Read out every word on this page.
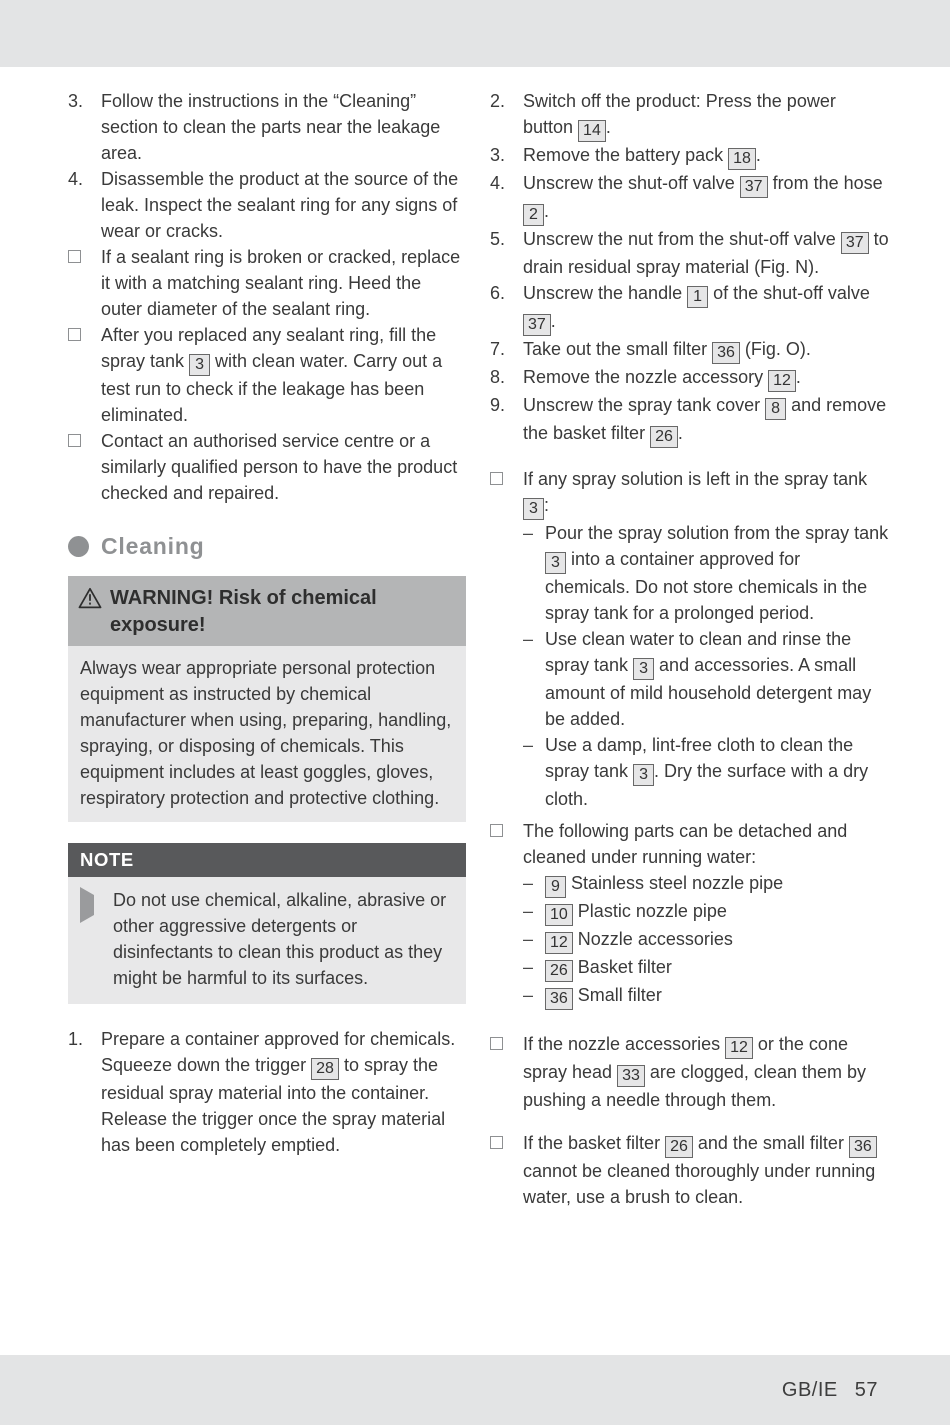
3. Follow the instructions in the “Cleaning” section to clean the parts near the leakage area.
4. Disassemble the product at the source of the leak. Inspect the sealant ring for any signs of wear or cracks.
If a sealant ring is broken or cracked, replace it with a matching sealant ring. Heed the outer diameter of the sealant ring.
After you replaced any sealant ring, fill the spray tank 3 with clean water. Carry out a test run to check if the leakage has been eliminated.
Contact an authorised service centre or a similarly qualified person to have the product checked and repaired.
Cleaning
WARNING! Risk of chemical exposure!
Always wear appropriate personal protection equipment as instructed by chemical manufacturer when using, preparing, handling, spraying, or disposing of chemicals. This equipment includes at least goggles, gloves, respiratory protection and protective clothing.
NOTE
Do not use chemical, alkaline, abrasive or other aggressive detergents or disinfectants to clean this product as they might be harmful to its surfaces.
1. Prepare a container approved for chemicals. Squeeze down the trigger 28 to spray the residual spray material into the container. Release the trigger once the spray material has been completely emptied.
2. Switch off the product: Press the power button 14 .
3. Remove the battery pack 18 .
4. Unscrew the shut-off valve 37 from the hose 2 .
5. Unscrew the nut from the shut-off valve 37 to drain residual spray material (Fig. N).
6. Unscrew the handle 1 of the shut-off valve 37 .
7. Take out the small filter 36 (Fig. O).
8. Remove the nozzle accessory 12 .
9. Unscrew the spray tank cover 8 and remove the basket filter 26 .
If any spray solution is left in the spray tank 3 :
– Pour the spray solution from the spray tank 3 into a container approved for chemicals. Do not store chemicals in the spray tank for a prolonged period.
– Use clean water to clean and rinse the spray tank 3 and accessories. A small amount of mild household detergent may be added.
– Use a damp, lint-free cloth to clean the spray tank 3 . Dry the surface with a dry cloth.
The following parts can be detached and cleaned under running water:
–	9 Stainless steel nozzle pipe
–	10 Plastic nozzle pipe
–	12 Nozzle accessories
–	26 Basket filter
–	36 Small filter
If the nozzle accessories 12 or the cone spray head 33 are clogged, clean them by pushing a needle through them.
If the basket filter 26 and the small filter 36 cannot be cleaned thoroughly under running water, use a brush to clean.
GB/IE 57
